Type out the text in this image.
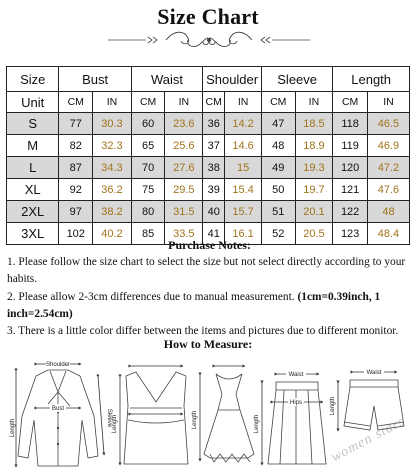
Size Chart
Size	Bust		Waist		Shoulder		Sleeve		Length	
Unit	CM	IN	CM	IN	CM	IN	CM	IN	CM	IN
S	77	30.3	60	23.6	36	14.2	47	18.5	118	46.5
M	82	32.3	65	25.6	37	14.6	48	18.9	119	46.9
L	87	34.3	70	27.6	38	15	49	19.3	120	47.2
XL	92	36.2	75	29.5	39	15.4	50	19.7	121	47.6
2XL	97	38.2	80	31.5	40	15.7	51	20.1	122	48
3XL	102	40.2	85	33.5	41	16.1	52	20.5	123	48.4
Purchase Notes:

1. Please follow the size chart to select the size but not select directly according to your habits.

2. Please allow 2-3cm differences due to manual measurement. (1cm=0.39inch, 1 inch=2.54cm)

3. There is a little color differ between the items and pictures due to different monitor.

How to Measure:
Shoulder
Bust
Length
Sleeve Length	Length
Waist
Hips
Length
Waist
Length
women stars
